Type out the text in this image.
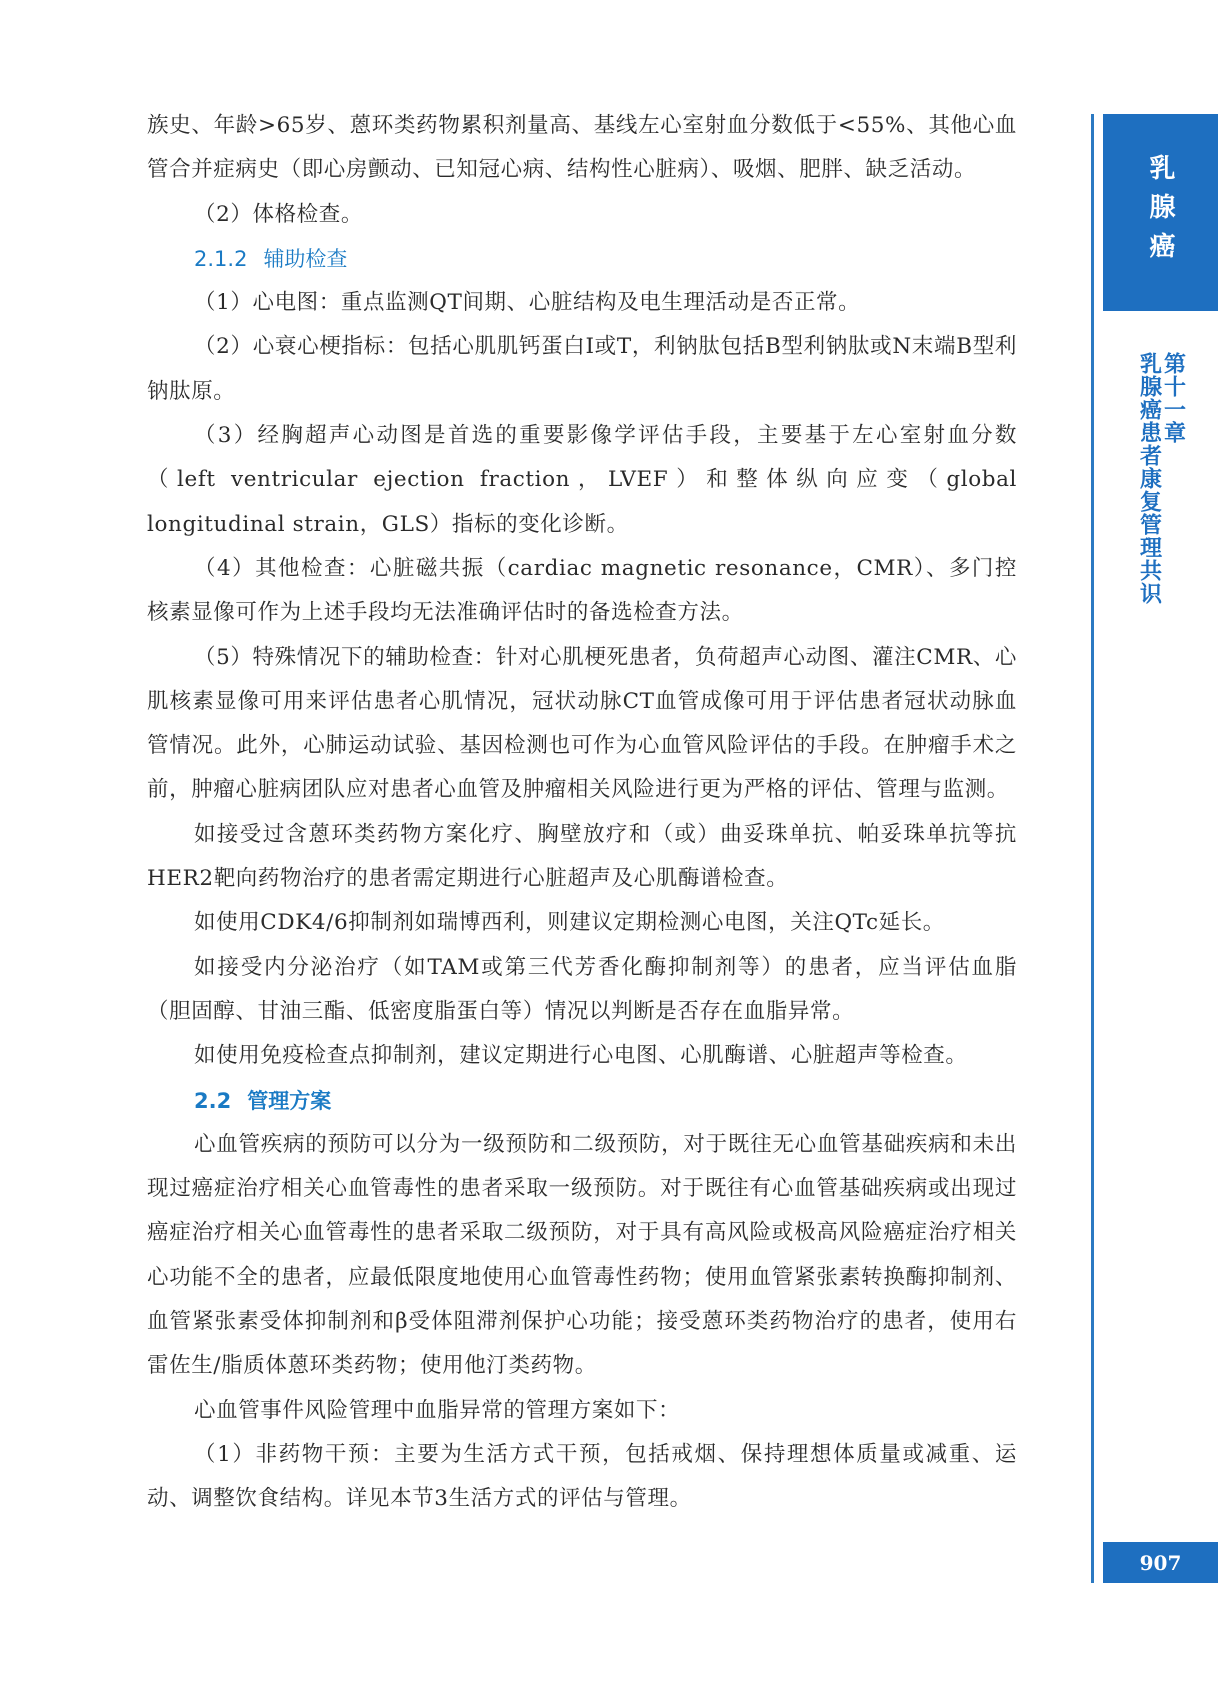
族史、年龄>65岁、蒽环类药物累积剂量高、基线左心室射血分数低于<55%、其他心血管合并症病史（即心房颤动、已知冠心病、结构性心脏病）、吸烟、肥胖、缺乏活动。

（2）体格检查。

2.1.2 辅助检查

（1）心电图：重点监测QT间期、心脏结构及电生理活动是否正常。

（2）心衰心梗指标：包括心肌肌钙蛋白I或T，利钠肽包括B型利钠肽或N末端B型利钠肽原。

（3）经胸超声心动图是首选的重要影像学评估手段，主要基于左心室射血分数（left ventricular ejection fraction，LVEF）和整体纵向应变（global longitudinal strain，GLS）指标的变化诊断。

（4）其他检查：心脏磁共振（cardiac magnetic resonance，CMR）、多门控核素显像可作为上述手段均无法准确评估时的备选检查方法。

（5）特殊情况下的辅助检查：针对心肌梗死患者，负荷超声心动图、灌注CMR、心肌核素显像可用来评估患者心肌情况，冠状动脉CT血管成像可用于评估患者冠状动脉血管情况。此外，心肺运动试验、基因检测也可作为心血管风险评估的手段。在肿瘤手术之前，肿瘤心脏病团队应对患者心血管及肿瘤相关风险进行更为严格的评估、管理与监测。

如接受过含蒽环类药物方案化疗、胸壁放疗和（或）曲妥珠单抗、帕妥珠单抗等抗HER2靶向药物治疗的患者需定期进行心脏超声及心肌酶谱检查。

如使用CDK4/6抑制剂如瑞博西利，则建议定期检测心电图，关注QTc延长。

如接受内分泌治疗（如TAM或第三代芳香化酶抑制剂等）的患者，应当评估血脂（胆固醇、甘油三酯、低密度脂蛋白等）情况以判断是否存在血脂异常。

如使用免疫检查点抑制剂，建议定期进行心电图、心肌酶谱、心脏超声等检查。

2.2 管理方案

心血管疾病的预防可以分为一级预防和二级预防，对于既往无心血管基础疾病和未出现过癌症治疗相关心血管毒性的患者采取一级预防。对于既往有心血管基础疾病或出现过癌症治疗相关心血管毒性的患者采取二级预防，对于具有高风险或极高风险癌症治疗相关心功能不全的患者，应最低限度地使用心血管毒性药物；使用血管紧张素转换酶抑制剂、血管紧张素受体抑制剂和β受体阻滞剂保护心功能；接受蒽环类药物治疗的患者，使用右雷佐生/脂质体蒽环类药物；使用他汀类药物。

心血管事件风险管理中血脂异常的管理方案如下：

（1）非药物干预：主要为生活方式干预，包括戒烟、保持理想体质量或减重、运动、调整饮食结构。详见本节3生活方式的评估与管理。

乳腺癌
第十一章
乳腺癌患者康复管理共识
907
